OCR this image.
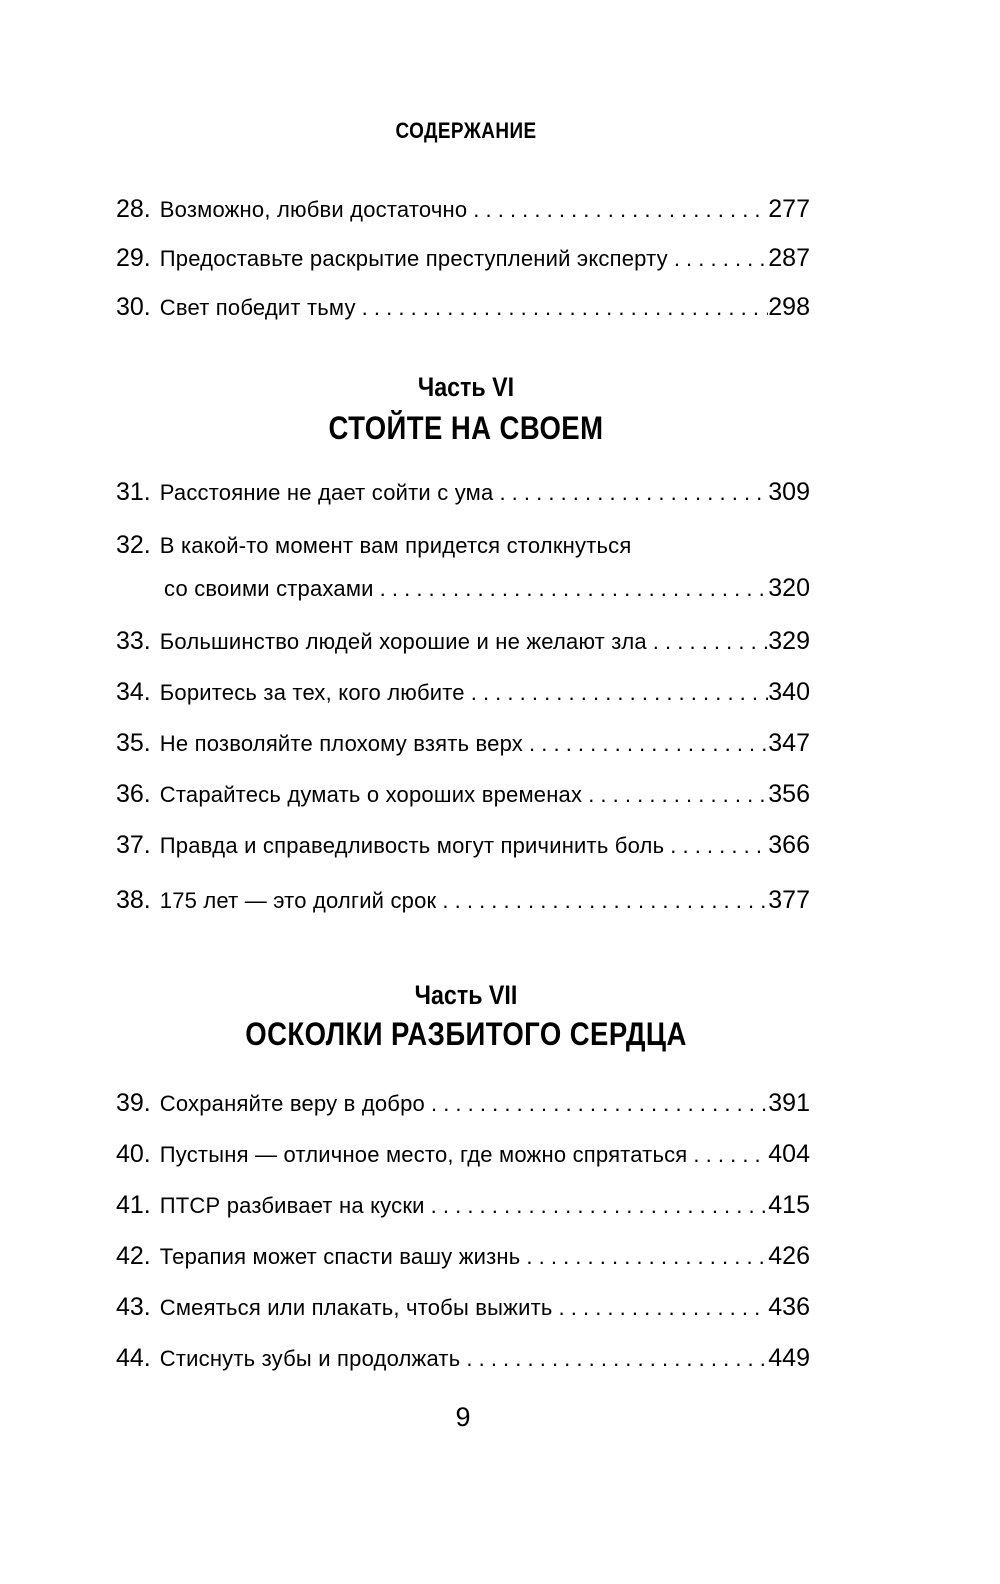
СОДЕРЖАНИЕ
28. Возможно, любви достаточно . . .	277
29. Предоставьте раскрытие преступлений эксперту . . .	287
30. Свет победит тьму . . .	298
Часть VI
СТОЙТЕ НА СВОЕМ
31. Расстояние не дает сойти с ума . . .	309
32. В какой-то момент вам придется столкнуться
со своими страхами . . .	320
33. Большинство людей хорошие и не желают зла . . .	329
34. Боритесь за тех, кого любите . . .	340
35. Не позволяйте плохому взять верх . . .	347
36. Старайтесь думать о хороших временах . . .	356
37. Правда и справедливость могут причинить боль . . .	366
38. 175 лет — это долгий срок . . .	377
Часть VII
ОСКОЛКИ РАЗБИТОГО СЕРДЦА
39. Сохраняйте веру в добро . . .	391
40. Пустыня — отличное место, где можно спрятаться . . .	404
41. ПТСР разбивает на куски . . .	415
42. Терапия может спасти вашу жизнь . . .	426
43. Смеяться или плакать, чтобы выжить . . .	436
44. Стиснуть зубы и продолжать . . .	449
9
